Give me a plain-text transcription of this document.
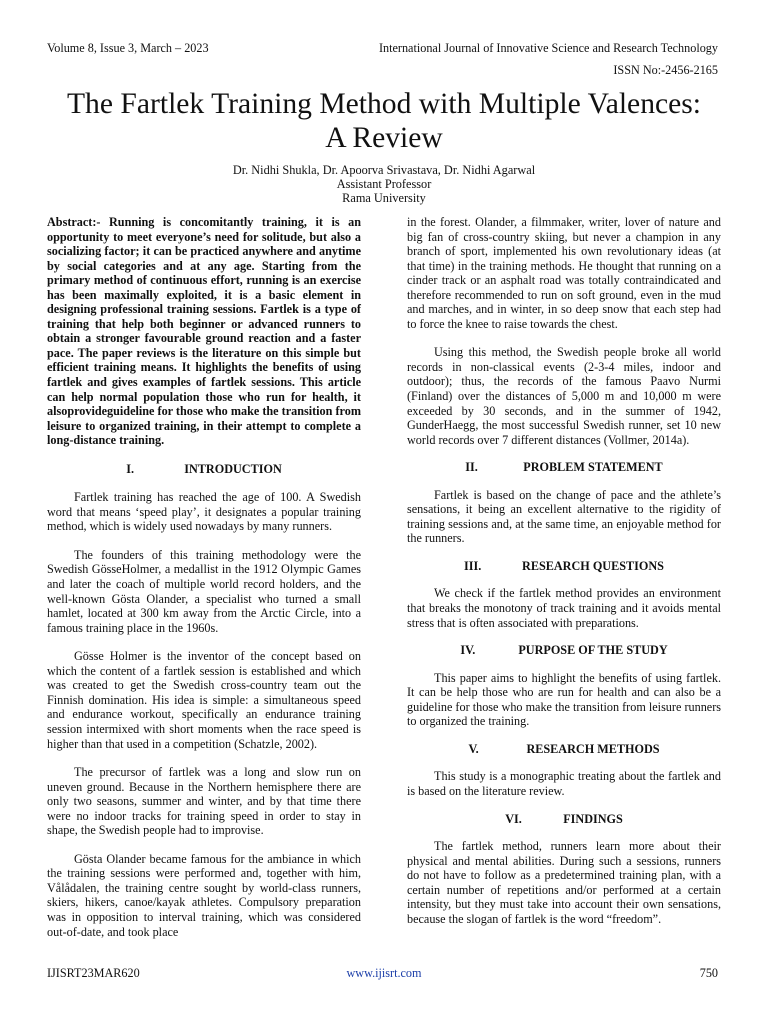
Volume 8, Issue 3, March – 2023	International Journal of Innovative Science and Research Technology
ISSN No:-2456-2165
The Fartlek Training Method with Multiple Valences:
A Review
Dr. Nidhi Shukla, Dr. Apoorva Srivastava, Dr. Nidhi Agarwal
Assistant Professor
Rama University

Abstract:- Running is concomitantly training, it is an opportunity to meet everyone’s need for solitude, but also a socializing factor; it can be practiced anywhere and anytime by social categories and at any age. Starting from the primary method of continuous effort, running is an exercise has been maximally exploited, it is a basic element in designing professional training sessions. Fartlek is a type of training that help both beginner or advanced runners to obtain a stronger favourable ground reaction and a faster pace. The paper reviews is the literature on this simple but efficient training means. It highlights the benefits of using fartlek and gives examples of fartlek sessions. This article can help normal population those who run for health, it alsoprovideguideline for those who make the transition from leisure to organized training, in their attempt to complete a long-distance training.

I.	INTRODUCTION

Fartlek training has reached the age of 100. A Swedish word that means ‘speed play’, it designates a popular training method, which is widely used nowadays by many runners.

The founders of this training methodology were the Swedish GösseHolmer, a medallist in the 1912 Olympic Games and later the coach of multiple world record holders, and the well-known Gösta Olander, a specialist who turned a small hamlet, located at 300 km away from the Arctic Circle, into a famous training place in the 1960s.

Gösse Holmer is the inventor of the concept based on which the content of a fartlek session is established and which was created to get the Swedish cross-country team out the Finnish domination. His idea is simple: a simultaneous speed and endurance workout, specifically an endurance training session intermixed with short moments when the race speed is higher than that used in a competition (Schatzle, 2002).

The precursor of fartlek was a long and slow run on uneven ground. Because in the Northern hemisphere there are only two seasons, summer and winter, and by that time there were no indoor tracks for training speed in order to stay in shape, the Swedish people had to improvise.

Gösta Olander became famous for the ambiance in which the training sessions were performed and, together with him, Vålådalen, the training centre sought by world-class runners, skiers, hikers, canoe/kayak athletes. Compulsory preparation was in opposition to interval training, which was considered out-of-date, and took place

in the forest. Olander, a filmmaker, writer, lover of nature and big fan of cross-country skiing, but never a champion in any branch of sport, implemented his own revolutionary ideas (at that time) in the training methods. He thought that running on a cinder track or an asphalt road was totally contraindicated and therefore recommended to run on soft ground, even in the mud and marches, and in winter, in so deep snow that each step had to force the knee to raise towards the chest.

Using this method, the Swedish people broke all world records in non-classical events (2-3-4 miles, indoor and outdoor); thus, the records of the famous Paavo Nurmi (Finland) over the distances of 5,000 m and 10,000 m were exceeded by 30 seconds, and in the summer of 1942, GunderHaegg, the most successful Swedish runner, set 10 new world records over 7 different distances (Vollmer, 2014a).

II.	PROBLEM STATEMENT

Fartlek is based on the change of pace and the athlete’s sensations, it being an excellent alternative to the rigidity of training sessions and, at the same time, an enjoyable method for the runners.

III.	RESEARCH QUESTIONS

We check if the fartlek method provides an environment that breaks the monotony of track training and it avoids mental stress that is often associated with preparations.

IV.	PURPOSE OF THE STUDY

This paper aims to highlight the benefits of using fartlek. It can be help those who are run for health and can also be a guideline for those who make the transition from leisure runners to organized the training.

V.	RESEARCH METHODS

This study is a monographic treating about the fartlek and is based on the literature review.

VI.	FINDINGS

The fartlek method, runners learn more about their physical and mental abilities. During such a sessions, runners do not have to follow as a predetermined training plan, with a certain number of repetitions and/or performed at a certain intensity, but they must take into account their own sensations, because the slogan of fartlek is the word “freedom”.

IJISRT23MAR620	www.ijisrt.com	750
